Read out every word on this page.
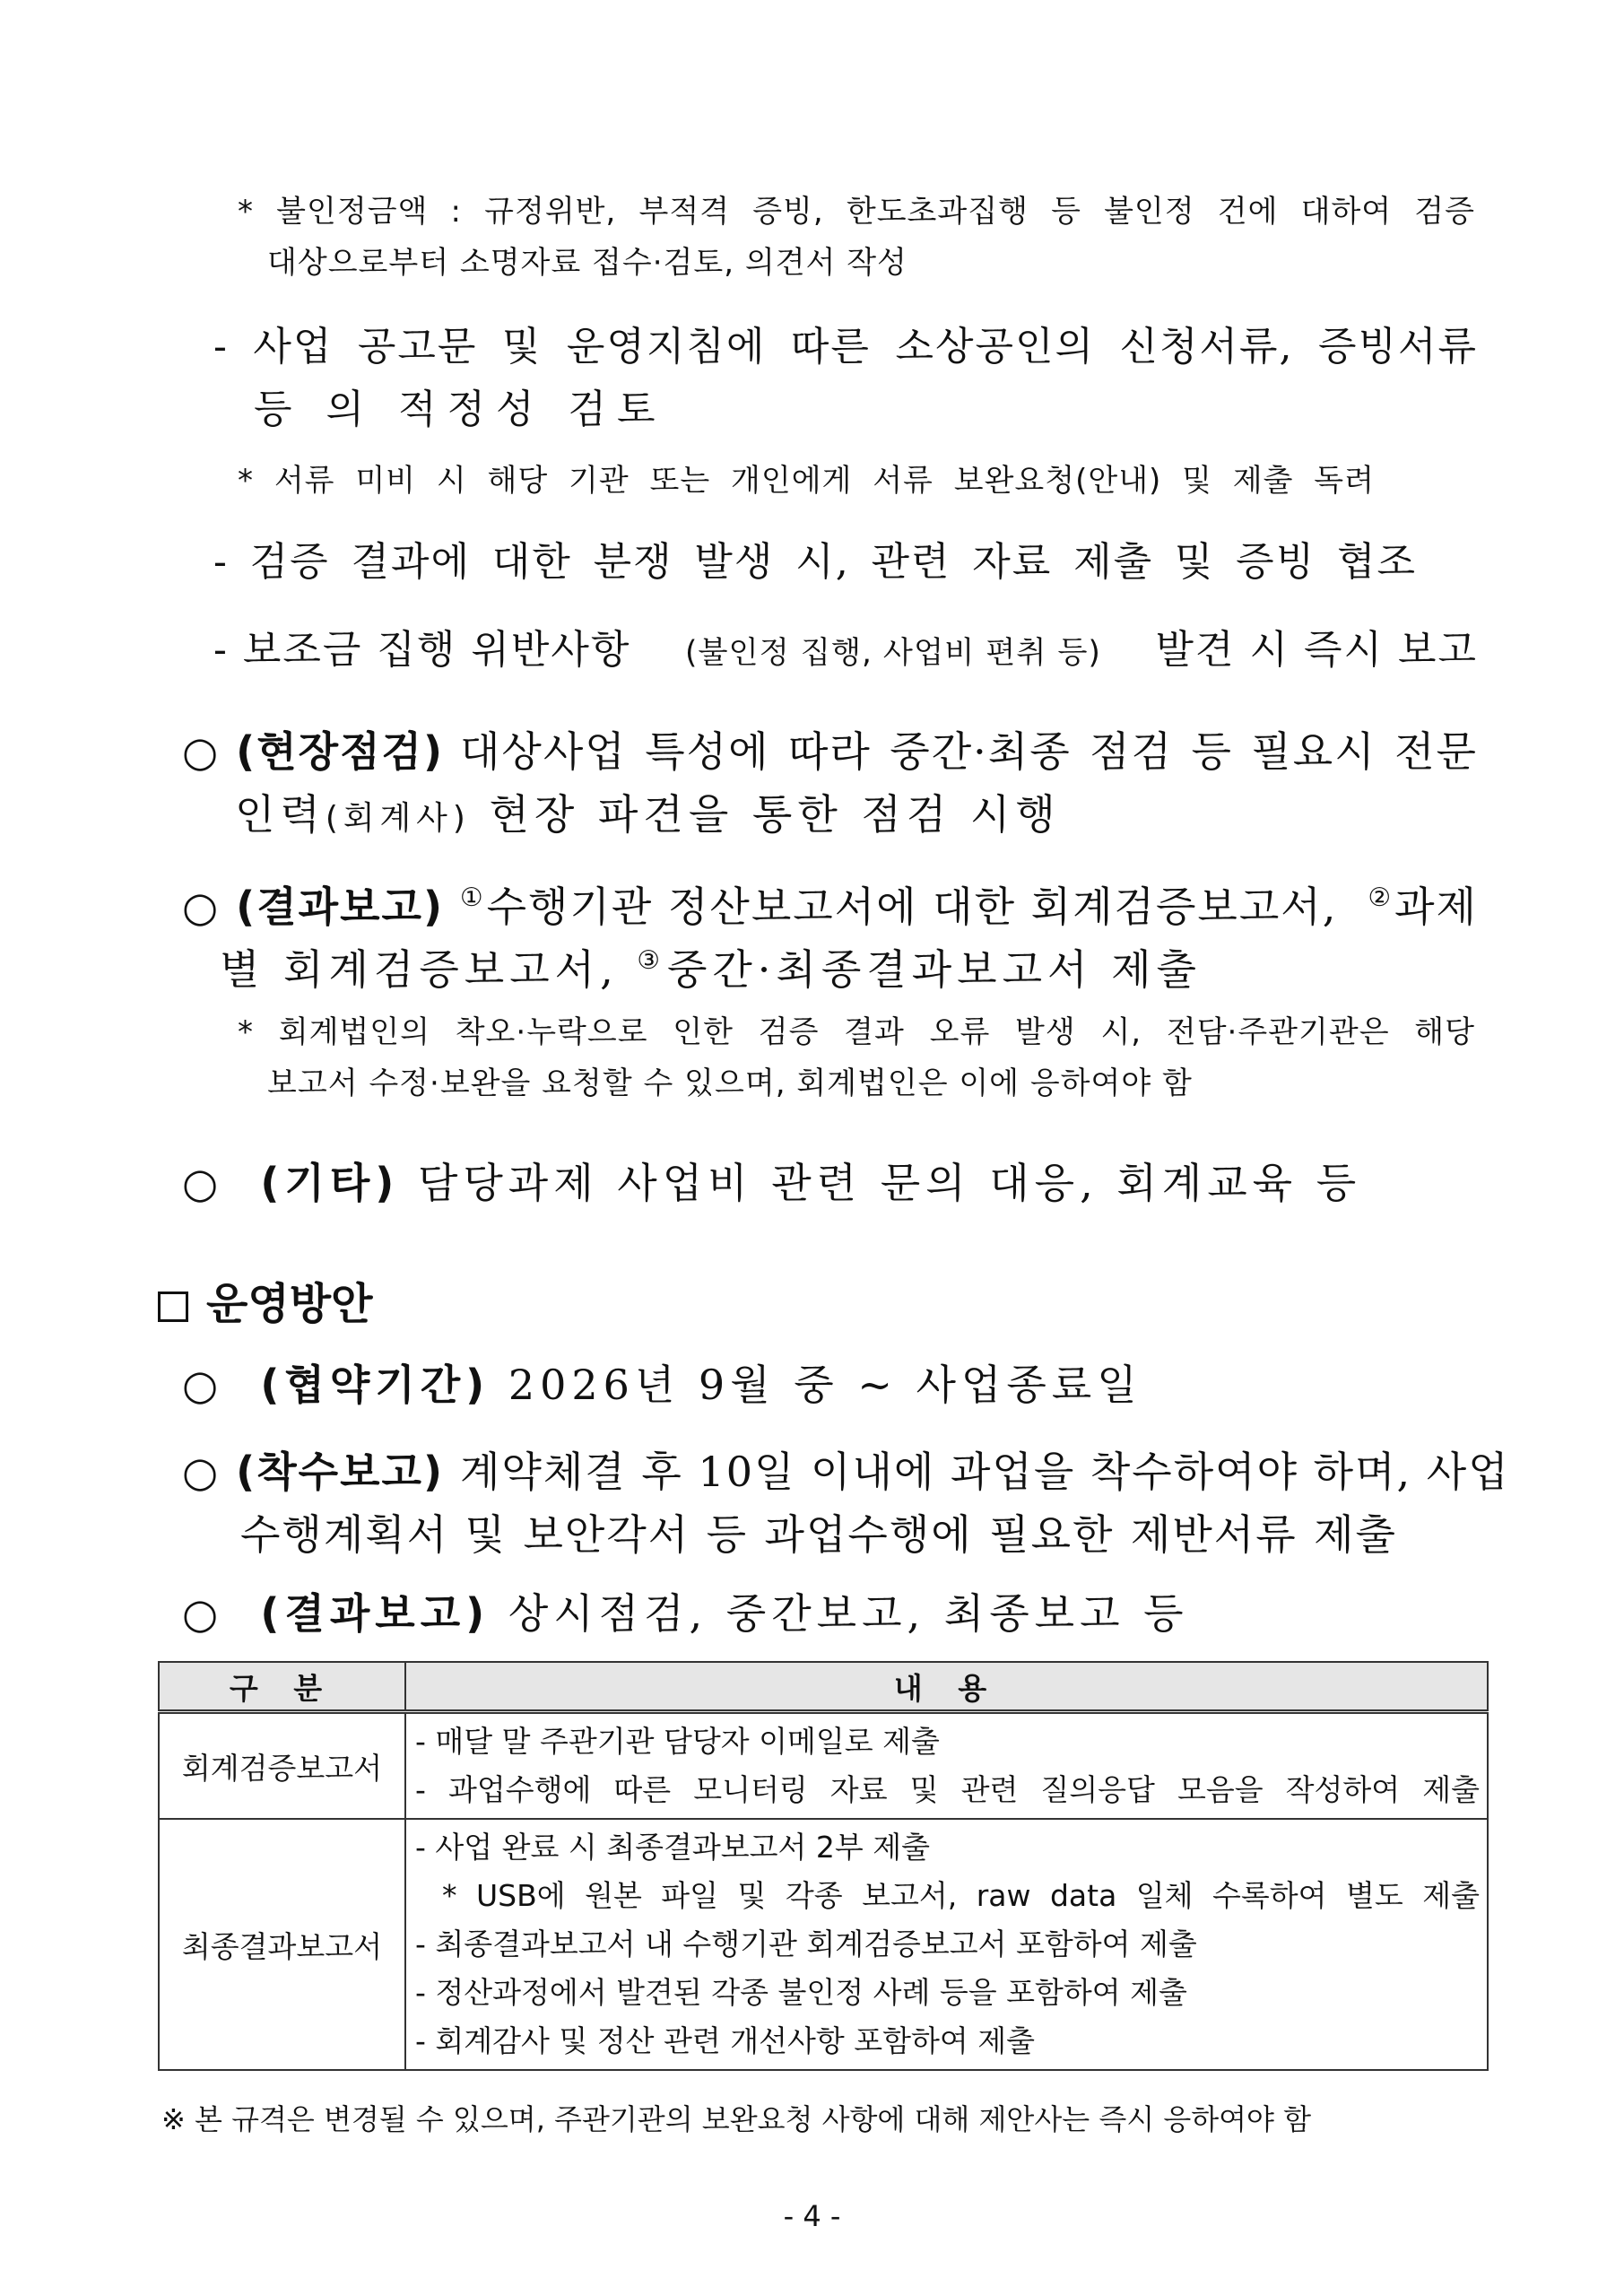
* 불인정금액 : 규정위반, 부적격 증빙, 한도초과집행 등 불인정 건에 대하여 검증
대상으로부터 소명자료 접수·검토, 의견서 작성
- 사업 공고문 및 운영지침에 따른 소상공인의 신청서류, 증빙서류
등 의 적정성 검토
* 서류 미비 시 해당 기관 또는 개인에게 서류 보완요청(안내) 및 제출 독려
- 검증 결과에 대한 분쟁 발생 시, 관련 자료 제출 및 증빙 협조
- 보조금 집행 위반사항 (불인정 집행, 사업비 편취 등) 발견 시 즉시 보고
○ (현장점검) 대상사업 특성에 따라 중간·최종 점검 등 필요시 전문
인력(회계사) 현장 파견을 통한 점검 시행
○ (결과보고) ①수행기관 정산보고서에 대한 회계검증보고서, ②과제
별 회계검증보고서, ③중간·최종결과보고서 제출
* 회계법인의 착오·누락으로 인한 검증 결과 오류 발생 시, 전담·주관기관은 해당
보고서 수정·보완을 요청할 수 있으며, 회계법인은 이에 응하여야 함
○ (기타) 담당과제 사업비 관련 문의 대응, 회계교육 등
운영방안
○ (협약기간) 2026년 9월 중 ~ 사업종료일
○ (착수보고) 계약체결 후 10일 이내에 과업을 착수하여야 하며, 사업
수행계획서 및 보안각서 등 과업수행에 필요한 제반서류 제출
○ (결과보고) 상시점검, 중간보고, 최종보고 등
구 분	내 용
회계검증보고서	- 매달 말 주관기관 담당자 이메일로 제출
- 과업수행에 따른 모니터링 자료 및 관련 질의응답 모음을 작성하여 제출

최종결과보고서	- 사업 완료 시 최종결과보고서 2부 제출
* USB에 원본 파일 및 각종 보고서, raw data 일체 수록하여 별도 제출
- 최종결과보고서 내 수행기관 회계검증보고서 포함하여 제출
- 정산과정에서 발견된 각종 불인정 사례 등을 포함하여 제출
- 회계감사 및 정산 관련 개선사항 포함하여 제출
※ 본 규격은 변경될 수 있으며, 주관기관의 보완요청 사항에 대해 제안사는 즉시 응하여야 함
- 4 -
